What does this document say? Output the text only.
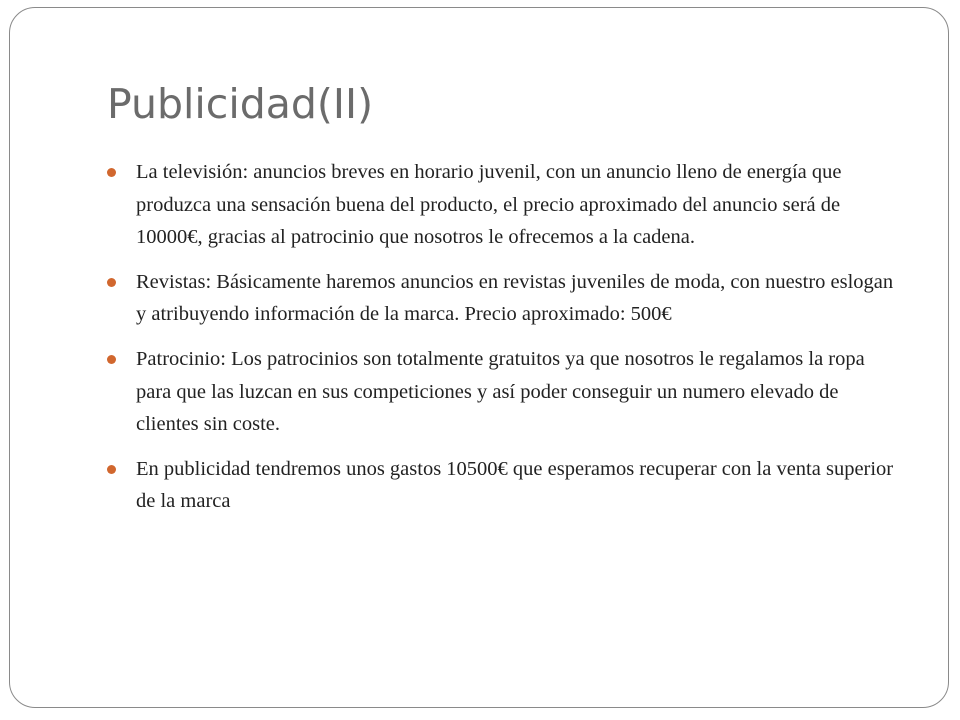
Publicidad(II)
La televisión: anuncios breves en horario juvenil, con un anuncio lleno de energía que produzca una sensación buena del producto, el precio aproximado del anuncio será de 10000€, gracias al patrocinio que nosotros le ofrecemos a la cadena.
Revistas: Básicamente haremos anuncios en revistas juveniles de moda, con nuestro eslogan y atribuyendo información de la marca. Precio aproximado: 500€
Patrocinio: Los patrocinios son totalmente gratuitos ya que nosotros le regalamos la ropa para que las luzcan en sus competiciones y así poder conseguir un numero elevado de clientes sin coste.
En publicidad tendremos unos gastos 10500€ que esperamos recuperar con la venta superior de la marca
